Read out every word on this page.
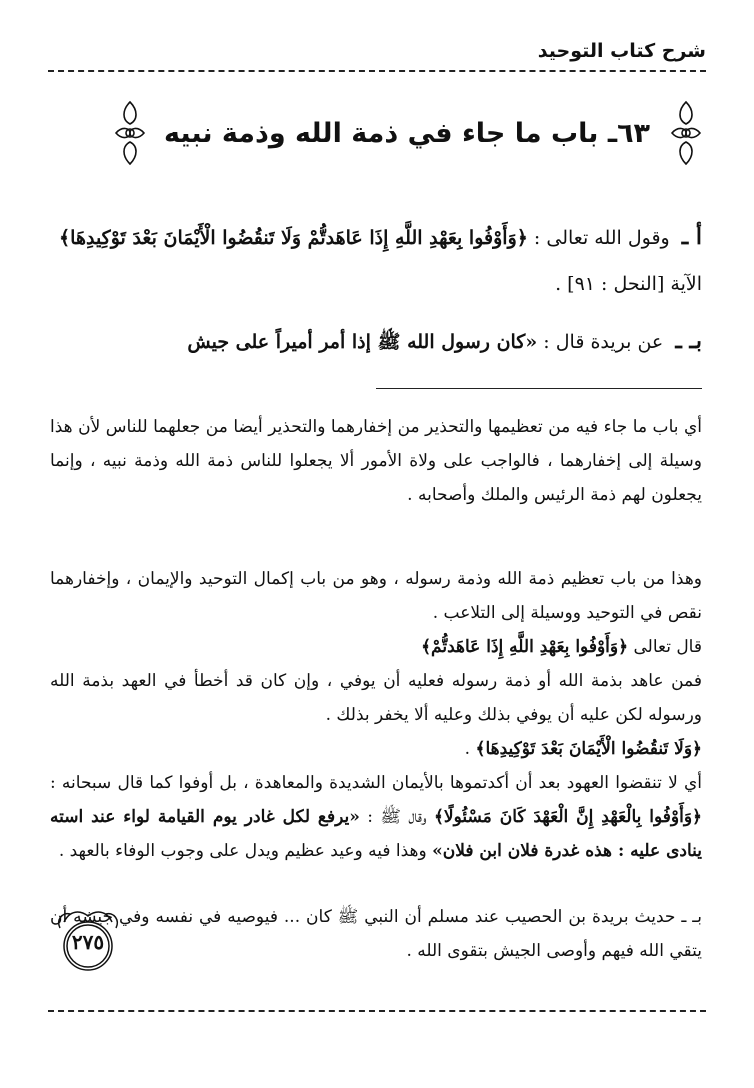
شرح كتاب التوحيد
٦٣ـ باب ما جاء في ذمة الله وذمة نبيه
أ ـ وقول الله تعالى : ﴿وَأَوْفُوا بِعَهْدِ اللَّهِ إِذَا عَاهَدتُّمْ وَلَا تَنقُضُوا الْأَيْمَانَ بَعْدَ تَوْكِيدِهَا﴾ الآية [النحل : ٩١] .
بـ ـ عن بريدة قال : «كان رسول الله ﷺ إذا أمر أميراً على جيش
أي باب ما جاء فيه من تعظيمها والتحذير من إخفارهما والتحذير أيضا من جعلهما للناس لأن هذا وسيلة إلى إخفارهما ، فالواجب على ولاة الأمور ألا يجعلوا للناس ذمة الله وذمة نبيه ، وإنما يجعلون لهم ذمة الرئيس والملك وأصحابه .
وهذا من باب تعظيم ذمة الله وذمة رسوله ، وهو من باب إكمال التوحيد والإيمان ، وإخفارهما نقص في التوحيد ووسيلة إلى التلاعب .
قال تعالى ﴿وَأَوْفُوا بِعَهْدِ اللَّهِ إِذَا عَاهَدتُّمْ﴾
فمن عاهد بذمة الله أو ذمة رسوله فعليه أن يوفي ، وإن كان قد أخطأ في العهد بذمة الله ورسوله لكن عليه أن يوفي بذلك وعليه ألا يخفر بذلك .
﴿وَلَا تَنقُضُوا الْأَيْمَانَ بَعْدَ تَوْكِيدِهَا﴾ .
أي لا تنقضوا العهود بعد أن أكدتموها بالأيمان الشديدة والمعاهدة ، بل أوفوا كما قال سبحانه : ﴿وَأَوْفُوا بِالْعَهْدِ إِنَّ الْعَهْدَ كَانَ مَسْئُولًا﴾ وقال ﷺ : «يرفع لكل غادر يوم القيامة لواء عند استه ينادى عليه : هذه غدرة فلان ابن فلان» وهذا فيه وعيد عظيم ويدل على وجوب الوفاء بالعهد .
بـ ـ حديث بريدة بن الحصيب عند مسلم أن النبي ﷺ كان ... فيوصيه في نفسه وفي جيشه أن يتقي الله فيهم وأوصى الجيش بتقوى الله .
٢٧٥
